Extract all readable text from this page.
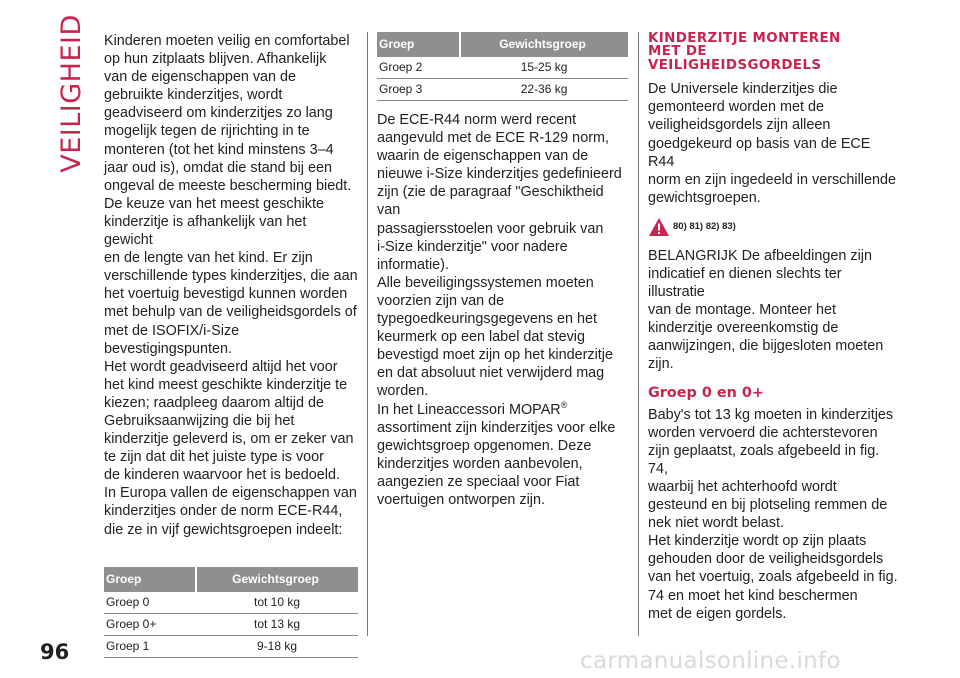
VEILIGHEID Kinderen moeten veilig en comfortabel
op hun zitplaats blijven. Afhankelijk
van de eigenschappen van de
gebruikte kinderzitjes, wordt
geadviseerd om kinderzitjes zo lang
mogelijk tegen de rijrichting in te
monteren (tot het kind minstens 3–4
jaar oud is), omdat die stand bij een
ongeval de meeste bescherming biedt.
De keuze van het meest geschikte
kinderzitje is afhankelijk van het gewicht
en de lengte van het kind. Er zijn
verschillende types kinderzitjes, die aan
het voertuig bevestigd kunnen worden
met behulp van de veiligheidsgordels of
met de ISOFIX/i-Size
bevestigingspunten.
Het wordt geadviseerd altijd het voor
het kind meest geschikte kinderzitje te
kiezen; raadpleeg daarom altijd de
Gebruiksaanwijzing die bij het
kinderzitje geleverd is, om er zeker van
te zijn dat dit het juiste type is voor
de kinderen waarvoor het is bedoeld.
In Europa vallen de eigenschappen van
kinderzitjes onder de norm ECE-R44,
die ze in vijf gewichtsgroepen indeelt:

Groep	Gewichtsgroep
Groep 0	tot 10 kg
Groep 0+	tot 13 kg
Groep 1	9-18 kg
Groep	Gewichtsgroep
Groep 2	15-25 kg
Groep 3	22-36 kg

De ECE-R44 norm werd recent
aangevuld met de ECE R-129 norm,
waarin de eigenschappen van de
nieuwe i-Size kinderzitjes gedefinieerd
zijn (zie de paragraaf "Geschiktheid van
passagiersstoelen voor gebruik van
i-Size kinderzitje" voor nadere
informatie).
Alle beveiligingssystemen moeten
voorzien zijn van de
typegoedkeuringsgegevens en het
keurmerk op een label dat stevig
bevestigd moet zijn op het kinderzitje
en dat absoluut niet verwijderd mag
worden.
In het Lineaccessori MOPAR®
assortiment zijn kinderzitjes voor elke
gewichtsgroep opgenomen. Deze
kinderzitjes worden aanbevolen,
aangezien ze speciaal voor Fiat
voertuigen ontworpen zijn.

KINDERZITJE MONTEREN
MET DE
VEILIGHEIDSGORDELS

De Universele kinderzitjes die
gemonteerd worden met de
veiligheidsgordels zijn alleen
goedgekeurd op basis van de ECE R44
norm en zijn ingedeeld in verschillende
gewichtsgroepen.

80) 81) 82) 83)

BELANGRIJK De afbeeldingen zijn
indicatief en dienen slechts ter illustratie
van de montage. Monteer het
kinderzitje overeenkomstig de
aanwijzingen, die bijgesloten moeten
zijn.

Groep 0 en 0+

Baby's tot 13 kg moeten in kinderzitjes
worden vervoerd die achterstevoren
zijn geplaatst, zoals afgebeeld in fig. 74,
waarbij het achterhoofd wordt
gesteund en bij plotseling remmen de
nek niet wordt belast.
Het kinderzitje wordt op zijn plaats
gehouden door de veiligheidsgordels
van het voertuig, zoals afgebeeld in fig.
74 en moet het kind beschermen
met de eigen gordels.

96	carmanualsonline.info
